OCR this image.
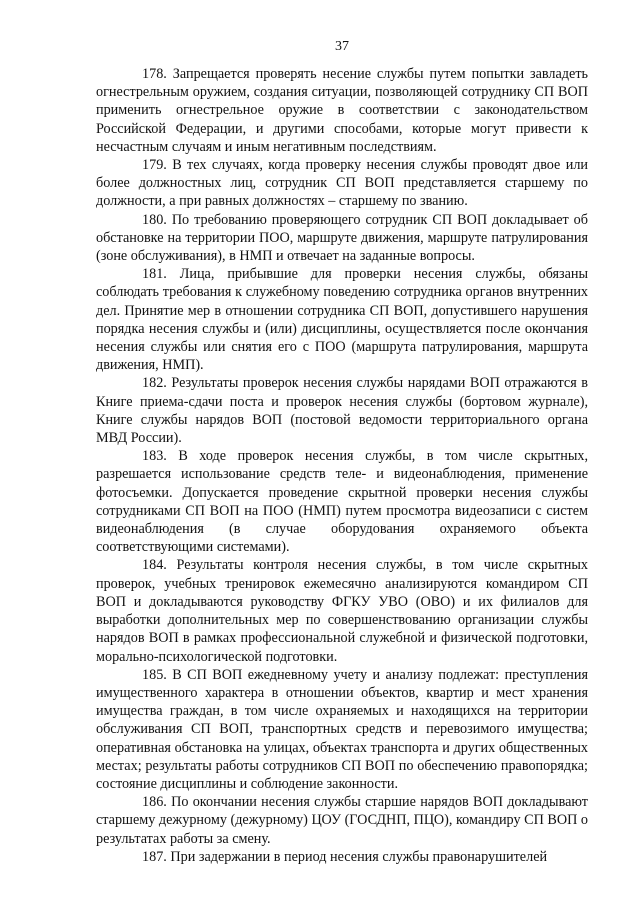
37

178. Запрещается проверять несение службы путем попытки завладеть огнестрельным оружием, создания ситуации, позволяющей сотруднику СП ВОП применить огнестрельное оружие в соответствии с законодательством Российской Федерации, и другими способами, которые могут привести к несчастным случаям и иным негативным последствиям.

179. В тех случаях, когда проверку несения службы проводят двое или более должностных лиц, сотрудник СП ВОП представляется старшему по должности, а при равных должностях – старшему по званию.

180. По требованию проверяющего сотрудник СП ВОП докладывает об обстановке на территории ПОО, маршруте движения, маршруте патрулирования (зоне обслуживания), в НМП и отвечает на заданные вопросы.

181. Лица, прибывшие для проверки несения службы, обязаны соблюдать требования к служебному поведению сотрудника органов внутренних дел. Принятие мер в отношении сотрудника СП ВОП, допустившего нарушения порядка несения службы и (или) дисциплины, осуществляется после окончания несения службы или снятия его с ПОО (маршрута патрулирования, маршрута движения, НМП).

182. Результаты проверок несения службы нарядами ВОП отражаются в Книге приема-сдачи поста и проверок несения службы (бортовом журнале), Книге службы нарядов ВОП (постовой ведомости территориального органа МВД России).

183. В ходе проверок несения службы, в том числе скрытных, разрешается использование средств теле- и видеонаблюдения, применение фотосъемки. Допускается проведение скрытной проверки несения службы сотрудниками СП ВОП на ПОО (НМП) путем просмотра видеозаписи с систем видеонаблюдения (в случае оборудования охраняемого объекта соответствующими системами).

184. Результаты контроля несения службы, в том числе скрытных проверок, учебных тренировок ежемесячно анализируются командиром СП ВОП и докладываются руководству ФГКУ УВО (ОВО) и их филиалов для выработки дополнительных мер по совершенствованию организации службы нарядов ВОП в рамках профессиональной служебной и физической подготовки, морально-психологической подготовки.

185. В СП ВОП ежедневному учету и анализу подлежат: преступления имущественного характера в отношении объектов, квартир и мест хранения имущества граждан, в том числе охраняемых и находящихся на территории обслуживания СП ВОП, транспортных средств и перевозимого имущества; оперативная обстановка на улицах, объектах транспорта и других общественных местах; результаты работы сотрудников СП ВОП по обеспечению правопорядка; состояние дисциплины и соблюдение законности.

186. По окончании несения службы старшие нарядов ВОП докладывают старшему дежурному (дежурному) ЦОУ (ГОСДНП, ПЦО), командиру СП ВОП о результатах работы за смену.

187. При задержании в период несения службы правонарушителей
